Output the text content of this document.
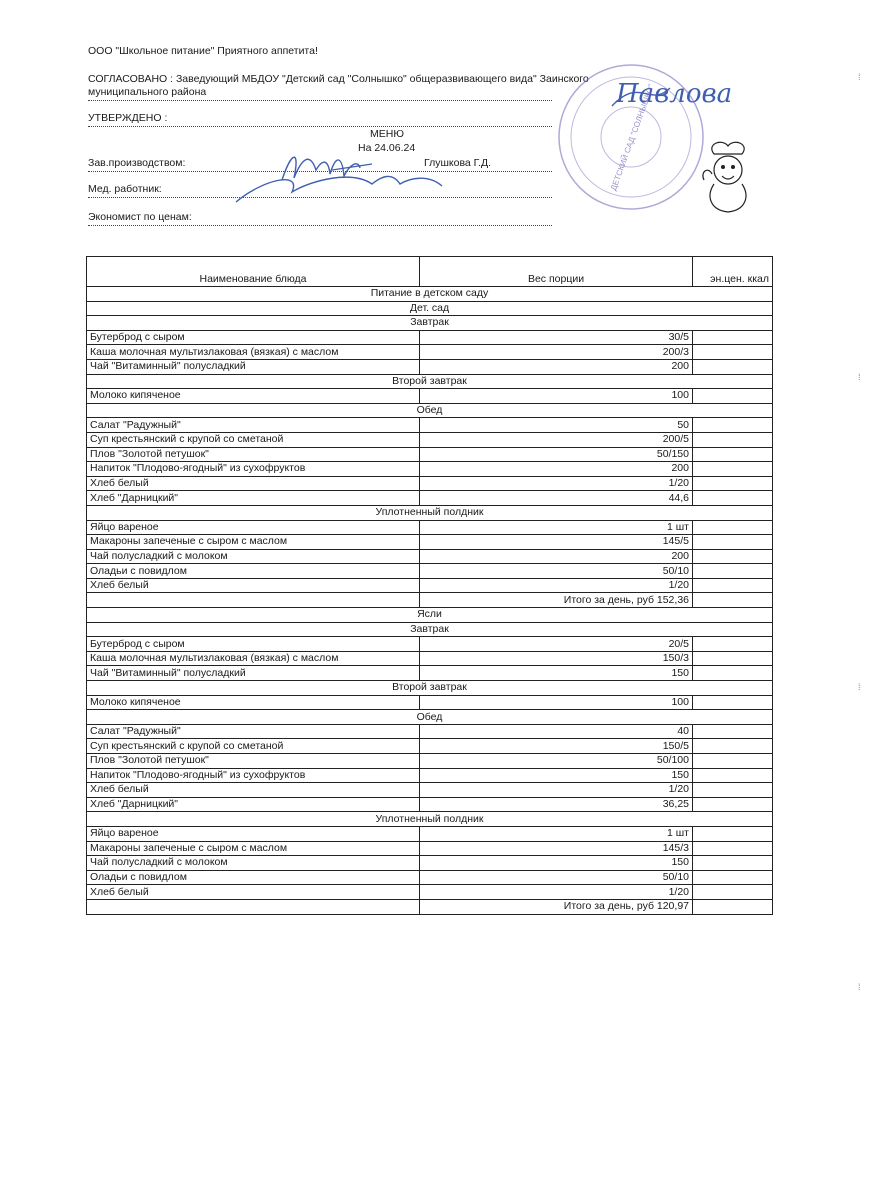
ООО "Школьное питание" Приятного аппетита!
СОГЛАСОВАНО : Заведующий МБДОУ "Детский сад "Солнышко" общеразвивающего вида" Заинского
муниципального района
УТВЕРЖДЕНО :
МЕНЮ
На 24.06.24
Зав.производством:	Глушкова Г.Д.
Мед. работник:
Экономист по ценам:
Павлова
ДЕТСКИЙ САД "СОЛНЫШКО"
⁞
⁞
⁞
⁞
Наименование блюда	Вес порции	эн.цен. ккал
Питание в детском саду		
Дет. сад		
Завтрак		
Бутерброд с сыром	30/5	
Каша молочная мультизлаковая (вязкая) с маслом	200/3	
Чай "Витаминный" полусладкий	200	
Второй завтрак		
Молоко кипяченое	100	
Обед		
Салат "Радужный"	50	
Суп крестьянский с крупой со сметаной	200/5	
Плов "Золотой петушок"	50/150	
Напиток "Плодово-ягодный" из сухофруктов	200	
Хлеб белый	1/20	
Хлеб "Дарницкий"	44,6	
Уплотненный полдник		
Яйцо вареное	1 шт	
Макароны запеченые с сыром с маслом	145/5	
Чай полусладкий с молоком	200	
Оладьи с повидлом	50/10	
Хлеб белый	1/20	
	Итого за день, руб 152,36	
Ясли		
Завтрак		
Бутерброд с сыром	20/5	
Каша молочная мультизлаковая (вязкая) с маслом	150/3	
Чай "Витаминный" полусладкий	150	
Второй завтрак		
Молоко кипяченое	100	
Обед		
Салат "Радужный"	40	
Суп крестьянский с крупой со сметаной	150/5	
Плов "Золотой петушок"	50/100	
Напиток "Плодово-ягодный" из сухофруктов	150	
Хлеб белый	1/20	
Хлеб "Дарницкий"	36,25	
Уплотненный полдник		
Яйцо вареное	1 шт	
Макароны запеченые с сыром с маслом	145/3	
Чай полусладкий с молоком	150	
Оладьи с повидлом	50/10	
Хлеб белый	1/20	
	Итого за день, руб 120,97	
